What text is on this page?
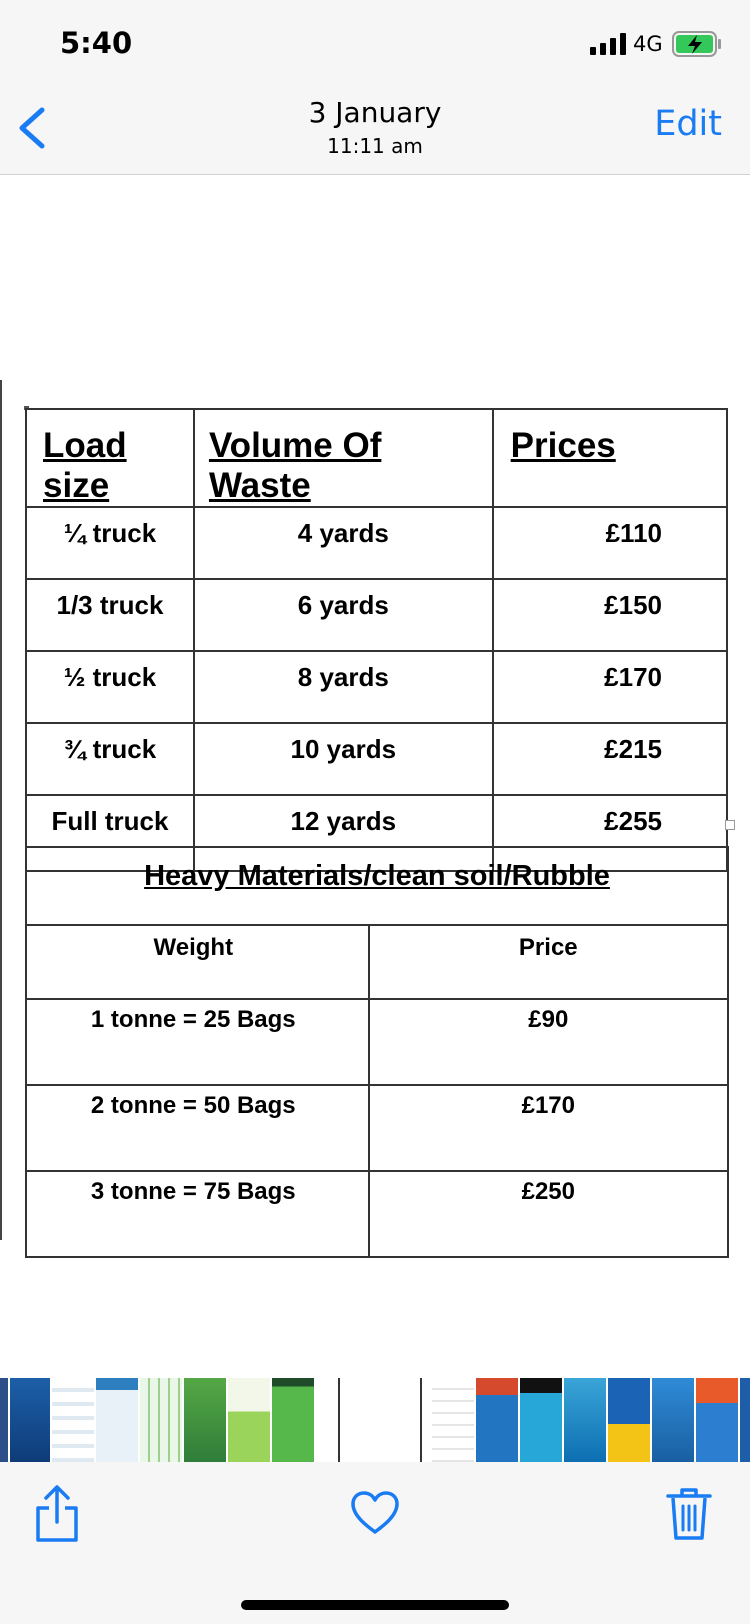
5:40	4G
3 January
11:11 am
Edit
Load size	Volume Of Waste	Prices
¼ truck	4 yards	£110
1/3 truck	6 yards	£150
½ truck	8 yards	£170
¾ truck	10 yards	£215
Full truck	12 yards	£255
Heavy Materials/clean soil/Rubble	
Weight	Price
1 tonne = 25 Bags	£90
2 tonne = 50 Bags	£170
3 tonne = 75 Bags	£250
